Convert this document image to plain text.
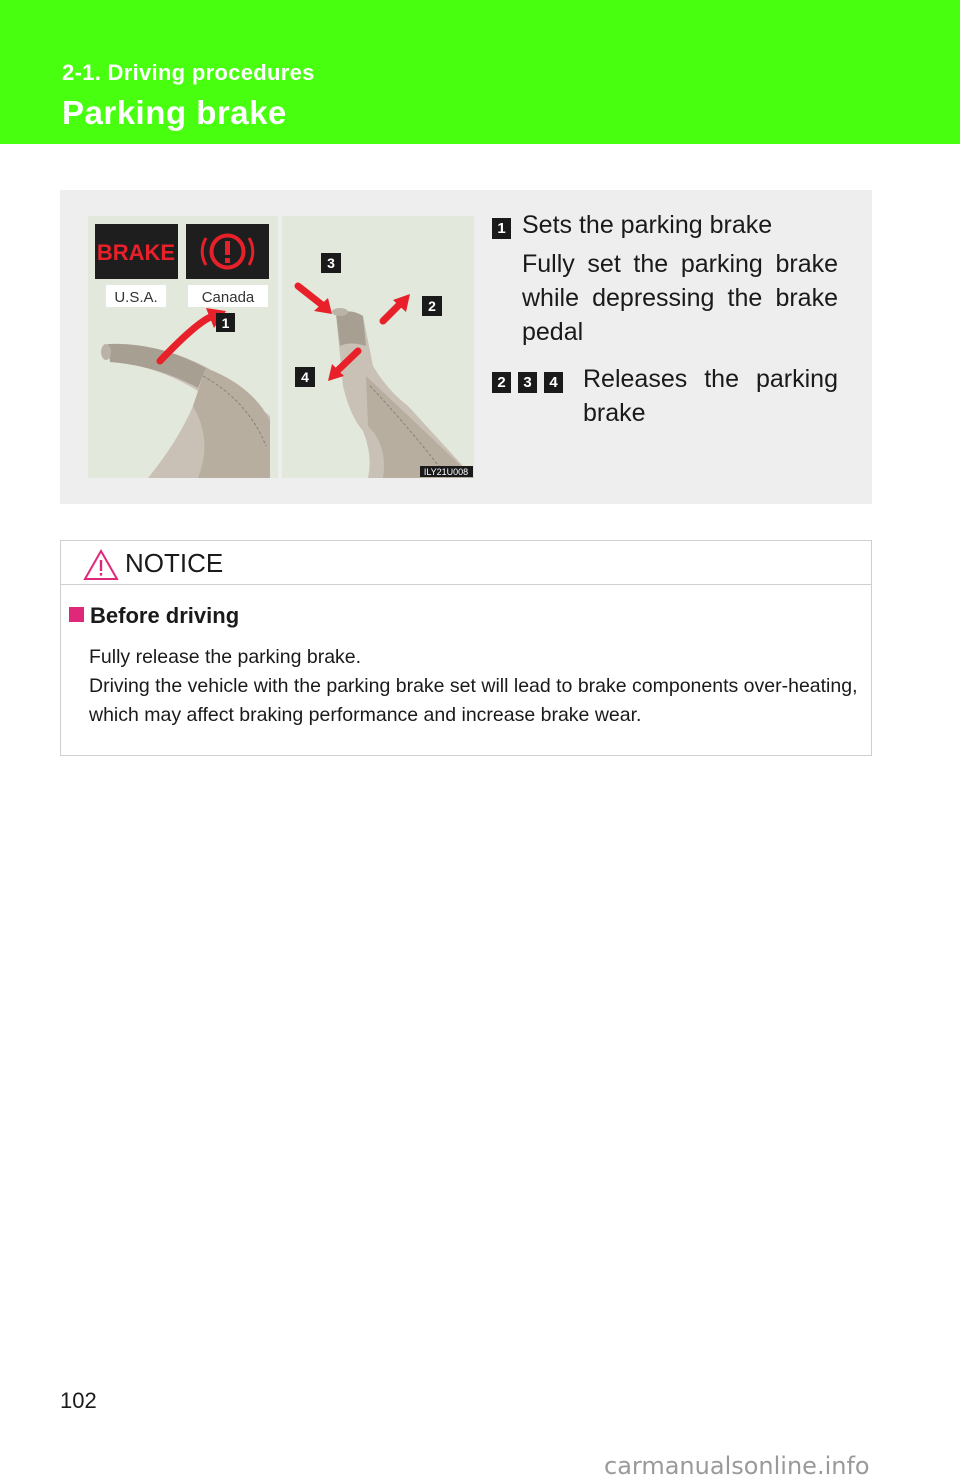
2-1. Driving procedures
Parking brake
BRAKE
U.S.A.	Canada
1
3
2
4
ILY21U008
1 Sets the parking brake
Fully set the parking brake while depressing the brake pedal
2 3 4	Releases the parking
brake
NOTICE
Before driving
Fully release the parking brake.
Driving the vehicle with the parking brake set will lead to brake components over-heating, which may affect braking performance and increase brake wear.
102
carmanualsonline.info
